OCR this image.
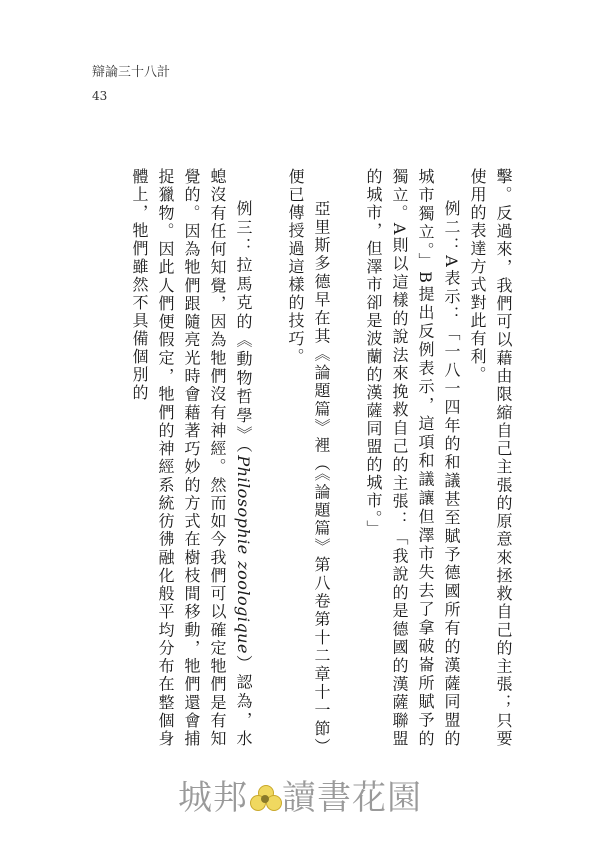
辯論三十八計
43

擊。反過來，我們可以藉由限縮自己主張的原意來拯救自己的主張；只要使用的表達方式對此有利。

例二：A表示：「一八一四年的和議甚至賦予德國所有的漢薩同盟的城市獨立。」B提出反例表示，這項和議讓但澤市失去了拿破崙所賦予的獨立。A則以這樣的說法來挽救自己的主張：「我說的是德國的漢薩聯盟的城市，但澤市卻是波蘭的漢薩同盟的城市。」

亞里斯多德早在其《論題篇》裡（《論題篇》第八卷第十二章十一節）便已傳授過這樣的技巧。

例三：拉馬克的《動物哲學》（Philosophie zoologique）認為，水螅沒有任何知覺，因為牠們沒有神經。然而如今我們可以確定牠們是有知覺的。因為牠們跟隨亮光時會藉著巧妙的方式在樹枝間移動，牠們還會捕捉獵物。因此人們便假定，牠們的神經系統彷彿融化般平均分布在整個身體上，牠們雖然不具備個別的

城邦 讀書花園
